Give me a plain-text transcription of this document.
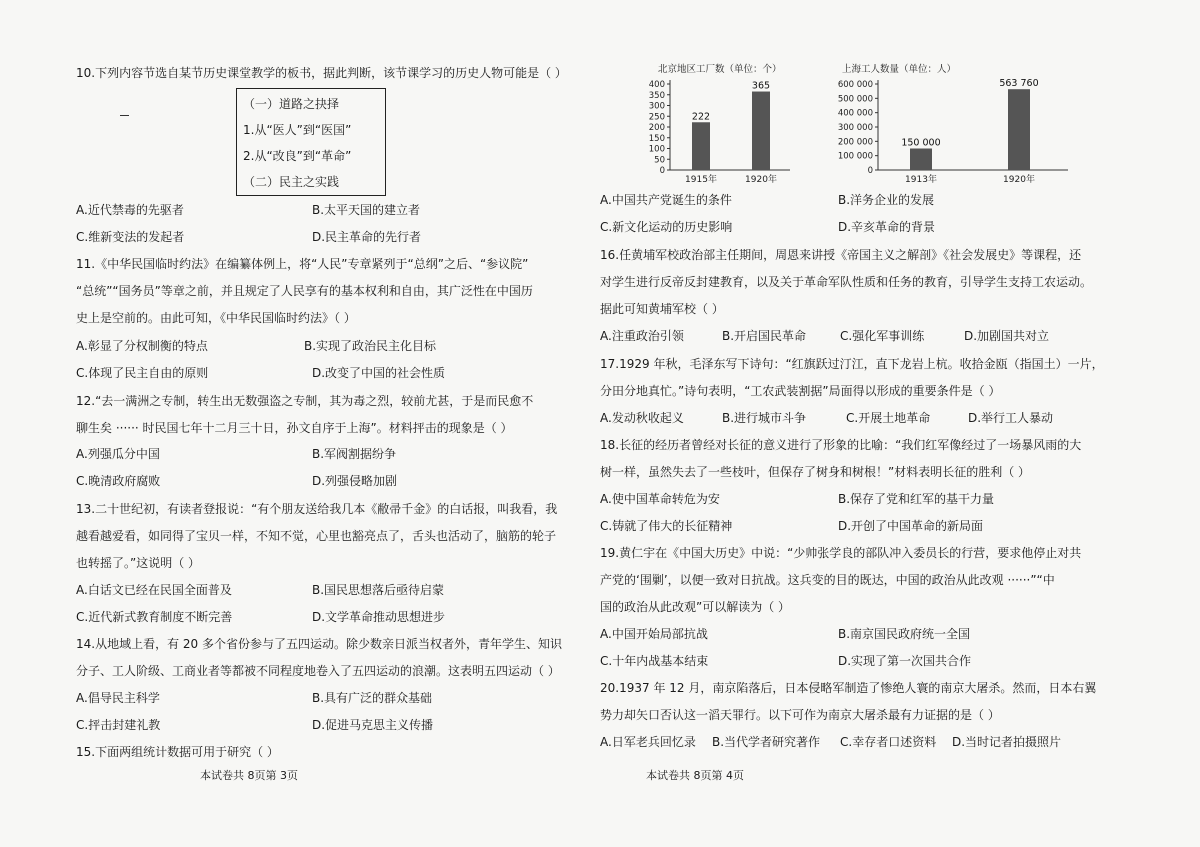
10.下列内容节选自某节历史课堂教学的板书，据此判断，该节课学习的历史人物可能是（ ）
（一）道路之抉择
1.从“医人”到“医国”
2.从“改良”到“革命”
（二）民主之实践
A.近代禁毒的先驱者	B.太平天国的建立者
C.维新变法的发起者	D.民主革命的先行者
11.《中华民国临时约法》在编纂体例上，将“人民”专章紧列于“总纲”之后、“参议院”
“总统”“国务员”等章之前，并且规定了人民享有的基本权利和自由，其广泛性在中国历
史上是空前的。由此可知，《中华民国临时约法》（ ）
A.彰显了分权制衡的特点	B.实现了政治民主化目标
C.体现了民主自由的原则	D.改变了中国的社会性质
12.“去一满洲之专制，转生出无数强盗之专制，其为毒之烈，较前尤甚，于是而民愈不
聊生矣 ······ 时民国七年十二月三十日，孙文自序于上海”。材料抨击的现象是（ ）
A.列强瓜分中国	B.军阀割据纷争
C.晚清政府腐败	D.列强侵略加剧
13.二十世纪初，有读者登报说：“有个朋友送给我几本《敝帚千金》的白话报，叫我看，我
越看越爱看，如同得了宝贝一样，不知不觉，心里也豁亮点了，舌头也活动了，脑筋的轮子
也转摇了。”这说明（ ）
A.白话文已经在民国全面普及	B.国民思想落后亟待启蒙
C.近代新式教育制度不断完善	D.文学革命推动思想进步
14.从地域上看，有 20 多个省份参与了五四运动。除少数亲日派当权者外，青年学生、知识
分子、工人阶级、工商业者等都被不同程度地卷入了五四运动的浪潮。这表明五四运动（ ）
A.倡导民主科学	B.具有广泛的群众基础
C.抨击封建礼教	D.促进马克思主义传播
15.下面两组统计数据可用于研究（ ）
本试卷共 8页第 3页
北京地区工厂数（单位：个）
0
50
100
150
200
250
300
350
400
222
1915年
365
1920年
上海工人数量（单位：人）
0
100 000
200 000
300 000
400 000
500 000
600 000
150 000
1913年
563 760
1920年
A.中国共产党诞生的条件	B.洋务企业的发展
C.新文化运动的历史影响	D.辛亥革命的背景
16.任黄埔军校政治部主任期间，周恩来讲授《帝国主义之解剖》《社会发展史》等课程，还
对学生进行反帝反封建教育，以及关于革命军队性质和任务的教育，引导学生支持工农运动。
据此可知黄埔军校（ ）
A.注重政治引领	B.开启国民革命	C.强化军事训练	D.加剧国共对立
17.1929 年秋，毛泽东写下诗句：“红旗跃过汀江，直下龙岩上杭。收拾金瓯（指国土）一片，
分田分地真忙。”诗句表明，“工农武装割据”局面得以形成的重要条件是（ ）
A.发动秋收起义	B.进行城市斗争	C.开展土地革命	D.举行工人暴动
18.长征的经历者曾经对长征的意义进行了形象的比喻：“我们红军像经过了一场暴风雨的大
树一样，虽然失去了一些枝叶，但保存了树身和树根！”材料表明长征的胜利（ ）
A.使中国革命转危为安	B.保存了党和红军的基干力量
C.铸就了伟大的长征精神	D.开创了中国革命的新局面
19.黄仁宇在《中国大历史》中说：“少帅张学良的部队冲入委员长的行营，要求他停止对共
产党的‘围剿’，以便一致对日抗战。这兵变的目的既达，中国的政治从此改观 ······”“中
国的政治从此改观”可以解读为（ ）
A.中国开始局部抗战	B.南京国民政府统一全国
C.十年内战基本结束	D.实现了第一次国共合作
20.1937 年 12 月，南京陷落后，日本侵略军制造了惨绝人寰的南京大屠杀。然而，日本右翼
势力却矢口否认这一滔天罪行。以下可作为南京大屠杀最有力证据的是（ ）
A.日军老兵回忆录 B.当代学者研究著作 C.幸存者口述资料 D.当时记者拍摄照片
本试卷共 8页第 4页
